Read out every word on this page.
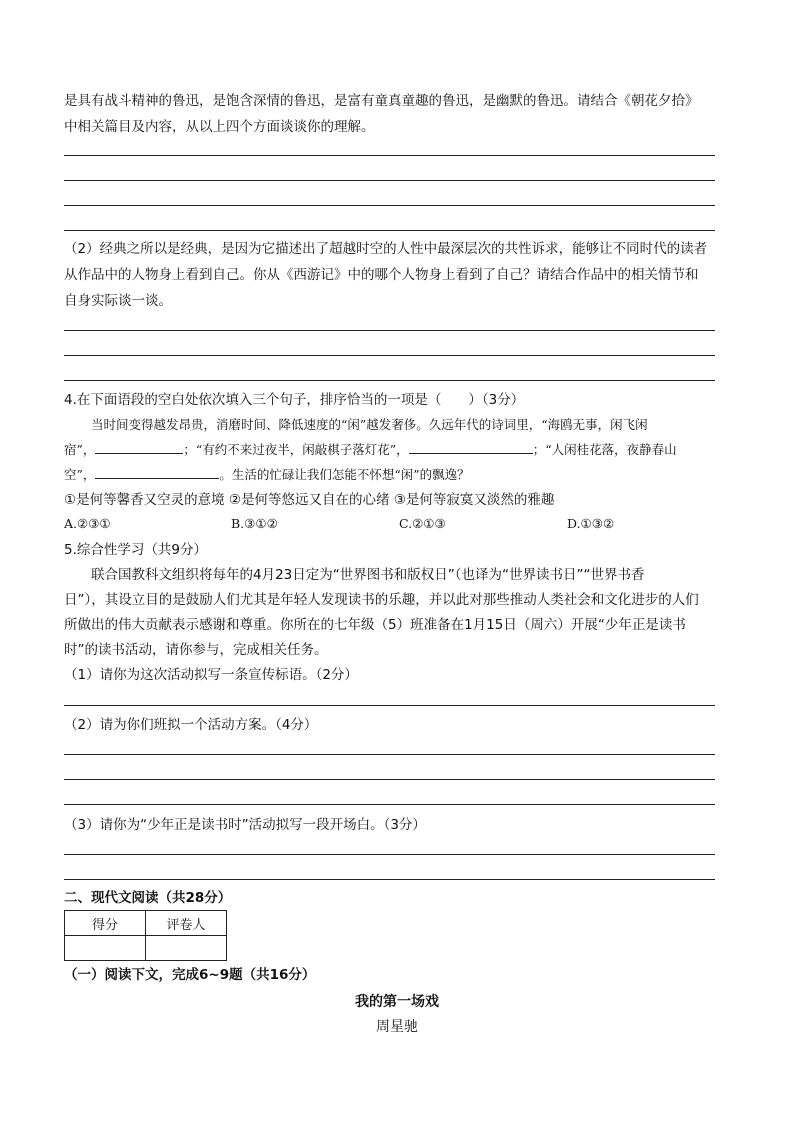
是具有战斗精神的鲁迅，是饱含深情的鲁迅，是富有童真童趣的鲁迅，是幽默的鲁迅。请结合《朝花夕拾》
中相关篇目及内容，从以上四个方面谈谈你的理解。
（2）经典之所以是经典，是因为它描述出了超越时空的人性中最深层次的共性诉求，能够让不同时代的读者
从作品中的人物身上看到自己。你从《西游记》中的哪个人物身上看到了自己？请结合作品中的相关情节和
自身实际谈一谈。
4.在下面语段的空白处依次填入三个句子，排序恰当的一项是（　　）（3分）
当时间变得越发昂贵，消磨时间、降低速度的“闲”越发奢侈。久远年代的诗词里，“海鸥无事，闲飞闲
宿”，	；“有约不来过夜半，闲敲棋子落灯花”，	；“人闲桂花落，夜静春山
空”，	。生活的忙碌让我们怎能不怀想“闲”的飘逸？
①是何等馨香又空灵的意境 ②是何等悠远又自在的心绪 ③是何等寂寞又淡然的雅趣
A.②③①	B.③①②	C.②①③	D.①③②
5.综合性学习（共9分）
联合国教科文组织将每年的4月23日定为“世界图书和版权日”（也译为“世界读书日”“世界书香
日”），其设立目的是鼓励人们尤其是年轻人发现读书的乐趣，并以此对那些推动人类社会和文化进步的人们
所做出的伟大贡献表示感谢和尊重。你所在的七年级（5）班准备在1月15日（周六）开展“少年正是读书
时”的读书活动，请你参与，完成相关任务。
（1）请你为这次活动拟写一条宣传标语。（2分）
（2）请为你们班拟一个活动方案。（4分）
（3）请你为“少年正是读书时”活动拟写一段开场白。（3分）
二、现代文阅读（共28分）
得分	评卷人

（一）阅读下文，完成6~9题（共16分）
我的第一场戏
周星驰
